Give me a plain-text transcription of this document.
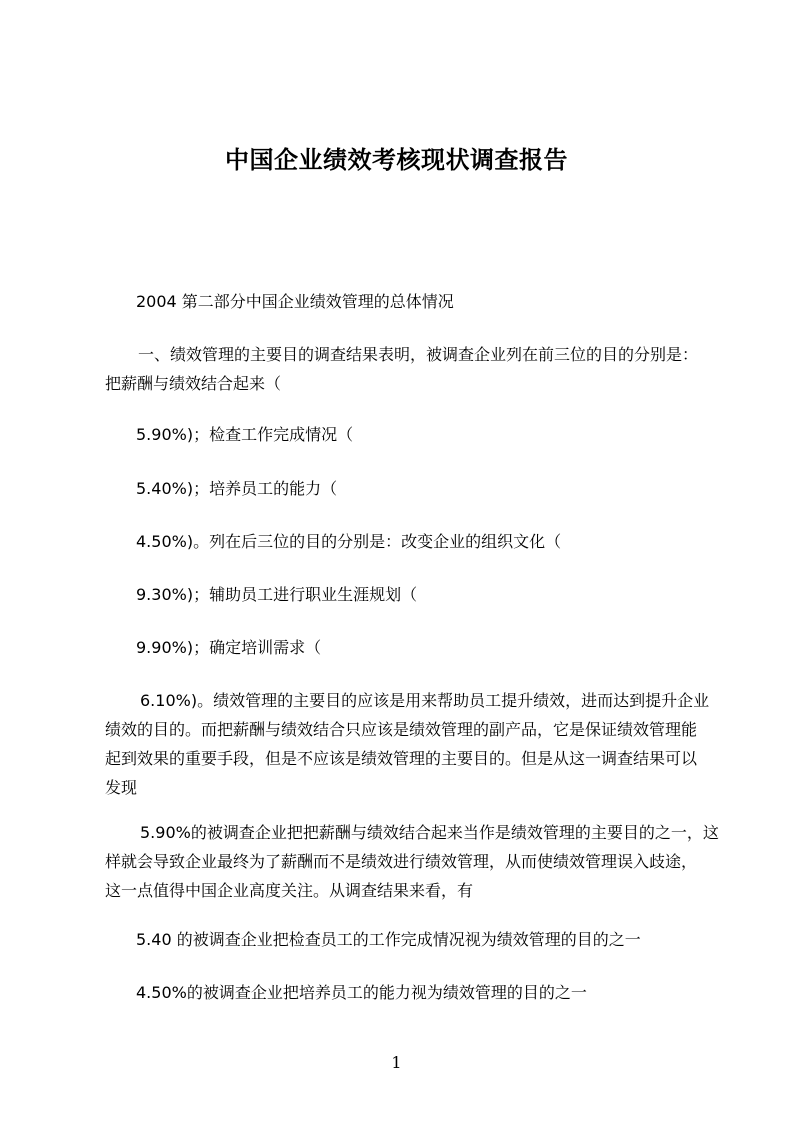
中国企业绩效考核现状调查报告

2004 第二部分中国企业绩效管理的总体情况

一、绩效管理的主要目的调查结果表明，被调查企业列在前三位的目的分别是：
把薪酬与绩效结合起来（

5.90%)；检查工作完成情况（

5.40%)；培养员工的能力（

4.50%)。列在后三位的目的分别是：改变企业的组织文化（

9.30%)；辅助员工进行职业生涯规划（

9.90%)；确定培训需求（

6.10%)。绩效管理的主要目的应该是用来帮助员工提升绩效，进而达到提升企业
绩效的目的。而把薪酬与绩效结合只应该是绩效管理的副产品，它是保证绩效管理能
起到效果的重要手段，但是不应该是绩效管理的主要目的。但是从这一调查结果可以
发现

5.90%的被调查企业把把薪酬与绩效结合起来当作是绩效管理的主要目的之一，这
样就会导致企业最终为了薪酬而不是绩效进行绩效管理，从而使绩效管理误入歧途，
这一点值得中国企业高度关注。从调查结果来看，有

5.40 的被调查企业把检查员工的工作完成情况视为绩效管理的目的之一

4.50%的被调查企业把培养员工的能力视为绩效管理的目的之一

1
